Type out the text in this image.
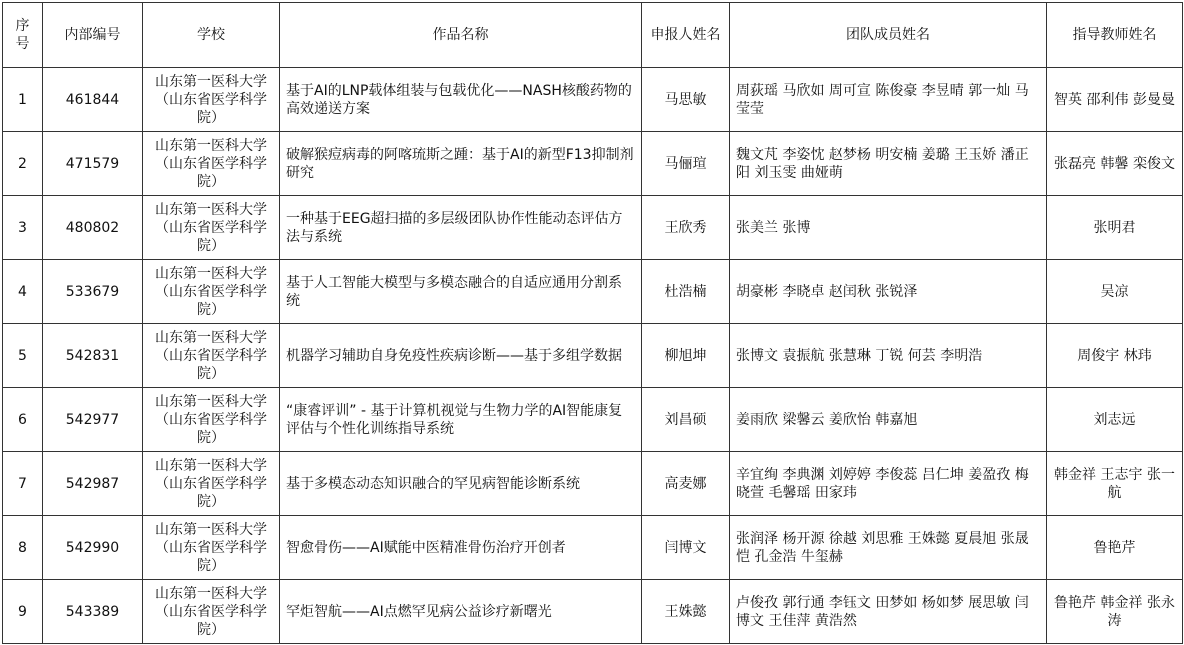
序号	内部编号	学校	作品名称	申报人姓名	团队成员姓名	指导教师姓名
1	461844	山东第一医科大学（山东省医学科学院）	基于AI的LNP载体组装与包载优化——NASH核酸药物的高效递送方案	马思敏	周荻瑶 马欣如 周可宣 陈俊豪 李昱晴 郭一灿 马莹莹	智英 邵利伟 彭曼曼
2	471579	山东第一医科大学（山东省医学科学院）	破解猴痘病毒的阿喀琉斯之踵：基于AI的新型F13抑制剂研究	马俪瑄	魏文芃 李姿忱 赵梦杨 明安楠 姜璐 王玉娇 潘正阳 刘玉雯 曲娅萌	张磊亮 韩馨 栾俊文
3	480802	山东第一医科大学（山东省医学科学院）	一种基于EEG超扫描的多层级团队协作性能动态评估方法与系统	王欣秀	张美兰 张博	张明君
4	533679	山东第一医科大学（山东省医学科学院）	基于人工智能大模型与多模态融合的自适应通用分割系统	杜浩楠	胡豪彬 李晓卓 赵闰秋 张锐泽	吴凉
5	542831	山东第一医科大学（山东省医学科学院）	机器学习辅助自身免疫性疾病诊断——基于多组学数据	柳旭坤	张博文 袁振航 张慧琳 丁锐 何芸 李明浩	周俊宇 林玮
6	542977	山东第一医科大学（山东省医学科学院）	“康睿评训” - 基于计算机视觉与生物力学的AI智能康复评估与个性化训练指导系统	刘昌硕	姜雨欣 梁馨云 姜欣怡 韩嘉旭	刘志远
7	542987	山东第一医科大学（山东省医学科学院）	基于多模态动态知识融合的罕见病智能诊断系统	高麦娜	辛宜绚 李典渊 刘婷婷 李俊蕊 吕仁坤 姜盈孜 梅晓萱 毛馨瑶 田家玮	韩金祥 王志宇 张一航
8	542990	山东第一医科大学（山东省医学科学院）	智愈骨伤——AI赋能中医精准骨伤治疗开创者	闫博文	张润泽 杨开源 徐越 刘思雅 王姝懿 夏晨旭 张晟恺 孔金浩 牛玺赫	鲁艳芹
9	543389	山东第一医科大学（山东省医学科学院）	罕炬智航——AI点燃罕见病公益诊疗新曙光	王姝懿	卢俊孜 郭行通 李钰文 田梦如 杨如梦 展思敏 闫博文 王佳萍 黄浩然	鲁艳芹 韩金祥 张永涛
